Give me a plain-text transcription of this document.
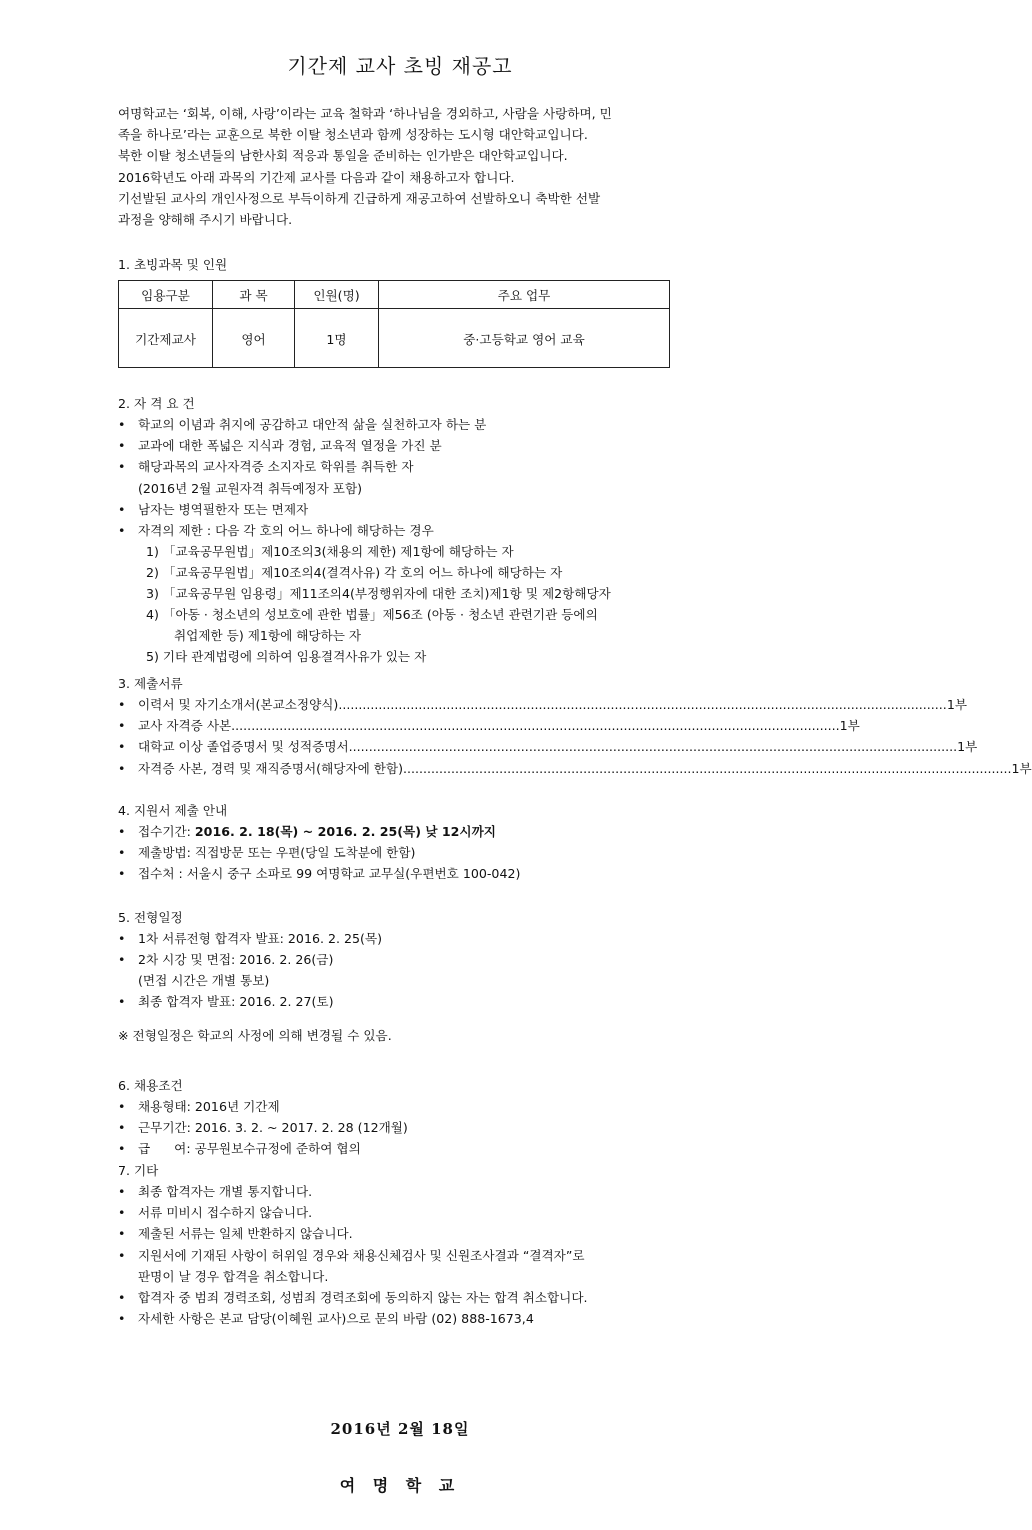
기간제 교사 초빙 재공고

여명학교는 ‘회복, 이해, 사랑’이라는 교육 철학과 ‘하나님을 경외하고, 사람을 사랑하며, 민

족을 하나로’라는 교훈으로 북한 이탈 청소년과 함께 성장하는 도시형 대안학교입니다.

북한 이탈 청소년들의 남한사회 적응과 통일을 준비하는 인가받은 대안학교입니다.

2016학년도 아래 과목의 기간제 교사를 다음과 같이 채용하고자 합니다.

기선발된 교사의 개인사정으로 부득이하게 긴급하게 재공고하여 선발하오니 축박한 선발

과정을 양해해 주시기 바랍니다.

1. 초빙과목 및 인원
임용구분	과 목	인원(명)	주요 업무
기간제교사	영어	1명	중·고등학교 영어 교육
2. 자 격 요 건
• 학교의 이념과 취지에 공감하고 대안적 삶을 실천하고자 하는 분
• 교과에 대한 폭넓은 지식과 경험, 교육적 열정을 가진 분
• 해당과목의 교사자격증 소지자로 학위를 취득한 자
(2016년 2월 교원자격 취득예정자 포함)
• 남자는 병역필한자 또는 면제자
• 자격의 제한 : 다음 각 호의 어느 하나에 해당하는 경우
1) 「교육공무원법」제10조의3(채용의 제한) 제1항에 해당하는 자
2) 「교육공무원법」제10조의4(결격사유) 각 호의 어느 하나에 해당하는 자
3) 「교육공무원 임용령」제11조의4(부정행위자에 대한 조치)제1항 및 제2항해당자
4) 「아동 · 청소년의 성보호에 관한 법률」제56조 (아동 · 청소년 관련기관 등에의
취업제한 등) 제1항에 해당하는 자
5) 기타 관계법령에 의하여 임용결격사유가 있는 자
3. 제출서류
• 이력서 및 자기소개서(본교소정양식) ........................................................................................................................................................ 1부
• 교사 자격증 사본 ........................................................................................................................................................ 1부
• 대학교 이상 졸업증명서 및 성적증명서 ........................................................................................................................................................ 1부
• 자격증 사본, 경력 및 재직증명서(해당자에 한함) ........................................................................................................................................................ 1부
4. 지원서 제출 안내
• 접수기간: 2016. 2. 18(목) ~ 2016. 2. 25(목) 낮 12시까지
• 제출방법: 직접방문 또는 우편(당일 도착분에 한함)
• 접수처 : 서울시 중구 소파로 99 여명학교 교무실(우편번호 100-042)
5. 전형일정
• 1차 서류전형 합격자 발표: 2016. 2. 25(목)
• 2차 시강 및 면접: 2016. 2. 26(금)
(면접 시간은 개별 통보)
• 최종 합격자 발표: 2016. 2. 27(토)
※ 전형일정은 학교의 사정에 의해 변경될 수 있음.
6. 채용조건
• 채용형태: 2016년 기간제
• 근무기간: 2016. 3. 2. ~ 2017. 2. 28 (12개월)
• 급      여: 공무원보수규정에 준하여 협의
7. 기타
• 최종 합격자는 개별 통지합니다.
• 서류 미비시 접수하지 않습니다.
• 제출된 서류는 일체 반환하지 않습니다.
• 지원서에 기재된 사항이 허위일 경우와 채용신체검사 및 신원조사결과 “결격자”로
판명이 날 경우 합격을 취소합니다.
• 합격자 중 범죄 경력조회, 성범죄 경력조회에 동의하지 않는 자는 합격 취소합니다.
• 자세한 사항은 본교 담당(이혜원 교사)으로 문의 바람 (02) 888-1673,4
2016년 2월 18일
여 명 학 교
